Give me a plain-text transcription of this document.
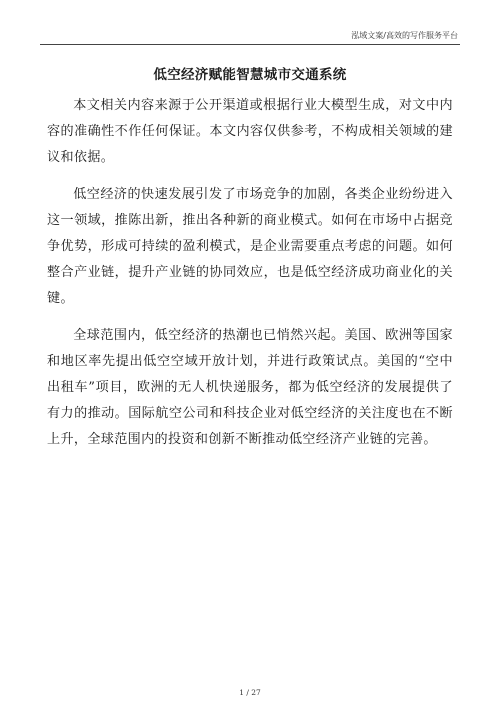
泓域文案/高效的写作服务平台
低空经济赋能智慧城市交通系统

本文相关内容来源于公开渠道或根据行业大模型生成，对文中内容的准确性不作任何保证。本文内容仅供参考，不构成相关领域的建议和依据。

低空经济的快速发展引发了市场竞争的加剧，各类企业纷纷进入这一领域，推陈出新，推出各种新的商业模式。如何在市场中占据竞争优势，形成可持续的盈利模式，是企业需要重点考虑的问题。如何整合产业链，提升产业链的协同效应，也是低空经济成功商业化的关键。

全球范围内，低空经济的热潮也已悄然兴起。美国、欧洲等国家和地区率先提出低空空域开放计划，并进行政策试点。美国的“空中出租车”项目，欧洲的无人机快递服务，都为低空经济的发展提供了有力的推动。国际航空公司和科技企业对低空经济的关注度也在不断上升，全球范围内的投资和创新不断推动低空经济产业链的完善。

1 / 27
